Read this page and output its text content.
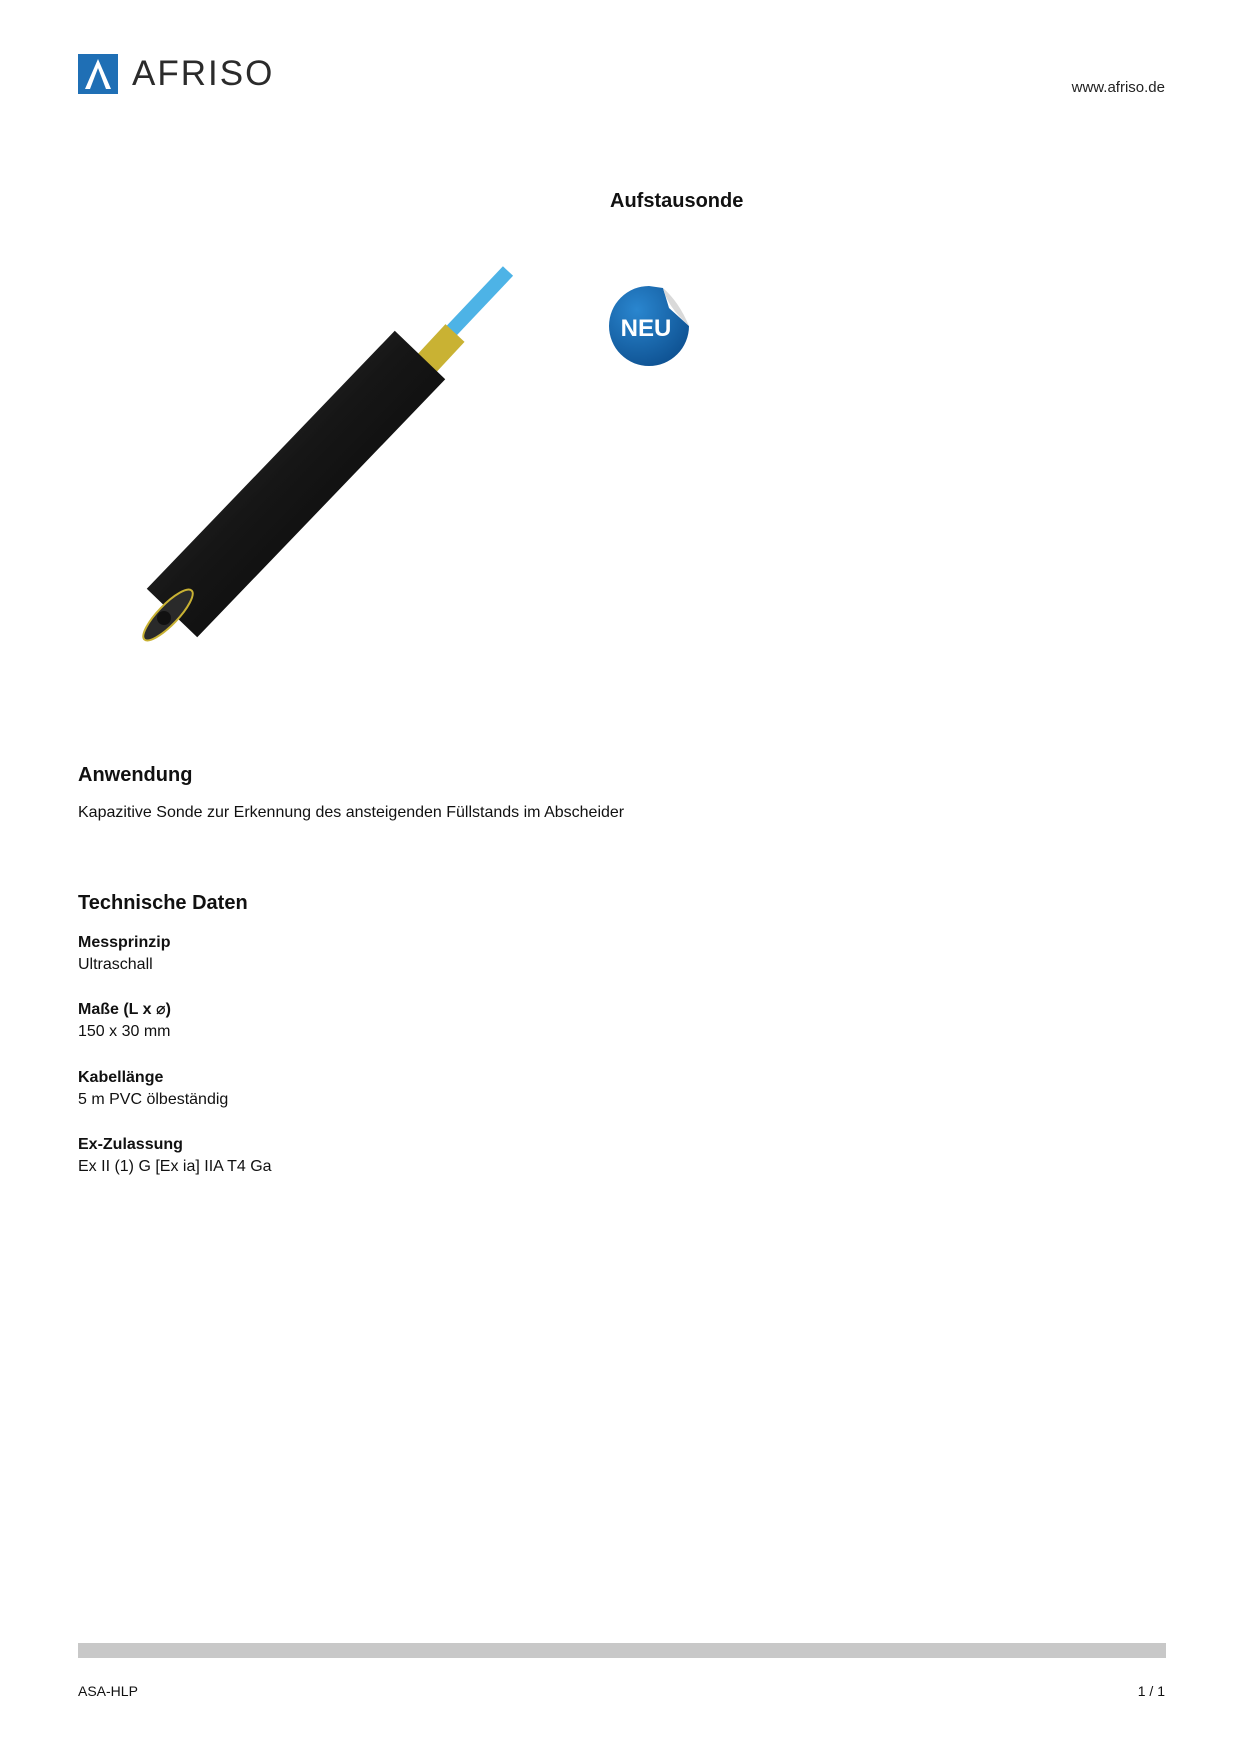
AFRISO	www.afriso.de
Aufstausonde
NEU
Anwendung
Kapazitive Sonde zur Erkennung des ansteigenden Füllstands im Abscheider
Technische Daten
Messprinzip
Ultraschall
Maße (L x ⌀)
150 x 30 mm
Kabellänge
5 m PVC ölbeständig
Ex-Zulassung
Ex II (1) G [Ex ia] IIA T4 Ga
ASA-HLP	1 / 1
